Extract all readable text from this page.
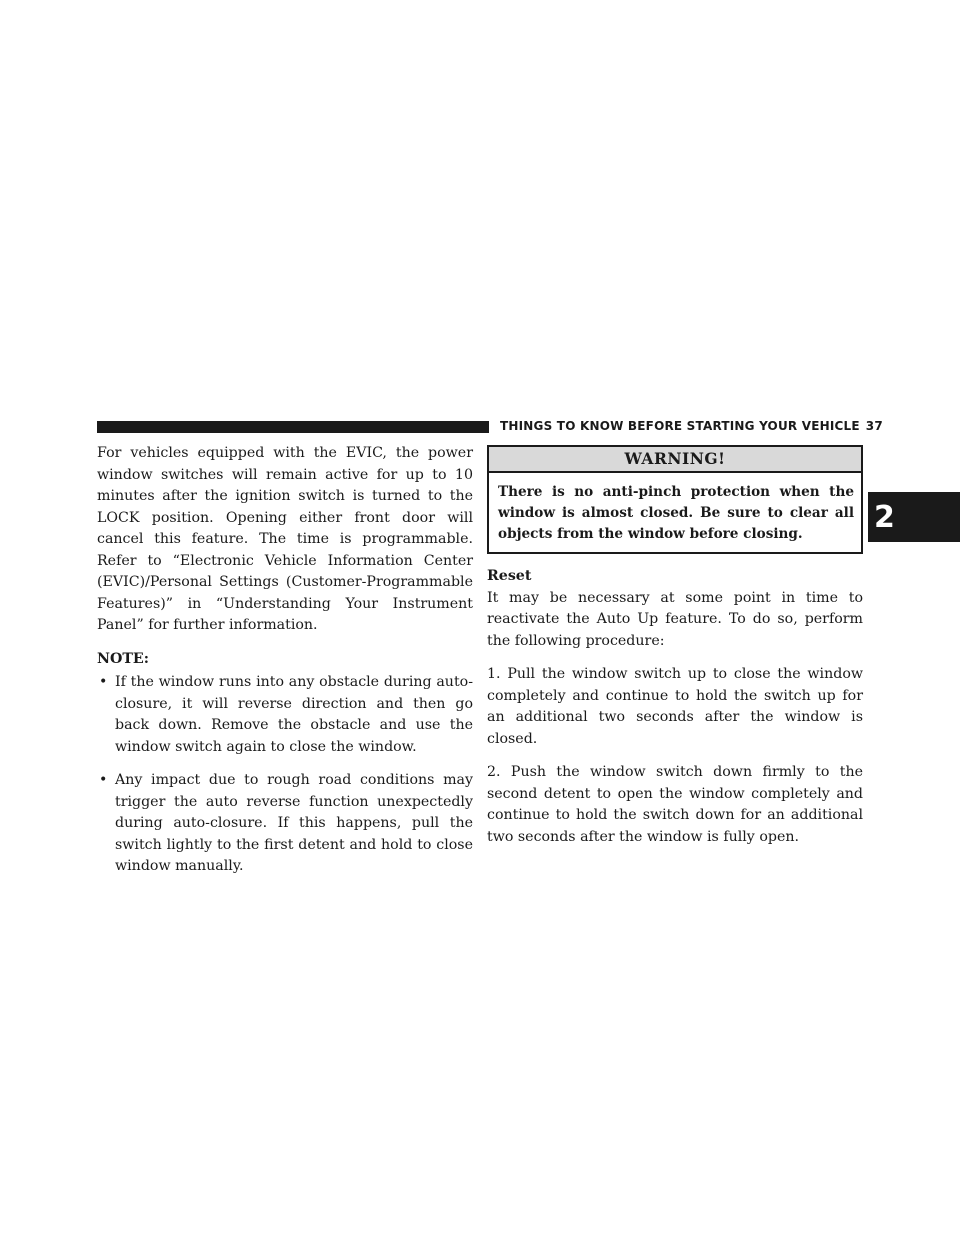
THINGS TO KNOW BEFORE STARTING YOUR VEHICLE 37
2

For vehicles equipped with the EVIC, the power window switches will remain active for up to 10 minutes after the ignition switch is turned to the LOCK position. Opening either front door will cancel this feature. The time is programmable. Refer to “Electronic Vehicle Information Center (EVIC)/Personal Settings (Customer-Programmable Features)” in “Understanding Your Instrument Panel” for further information.

NOTE:

• If the window runs into any obstacle during auto-closure, it will reverse direction and then go back down. Remove the obstacle and use the window switch again to close the window.
• Any impact due to rough road conditions may trigger the auto reverse function unexpectedly during auto-closure. If this happens, pull the switch lightly to the first detent and hold to close window manually.
WARNING!
There is no anti-pinch protection when the window is almost closed. Be sure to clear all objects from the window before closing.

Reset

It may be necessary at some point in time to reactivate the Auto Up feature. To do so, perform the following procedure:

1. Pull the window switch up to close the window completely and continue to hold the switch up for an additional two seconds after the window is closed.

2. Push the window switch down firmly to the second detent to open the window completely and continue to hold the switch down for an additional two seconds after the window is fully open.
